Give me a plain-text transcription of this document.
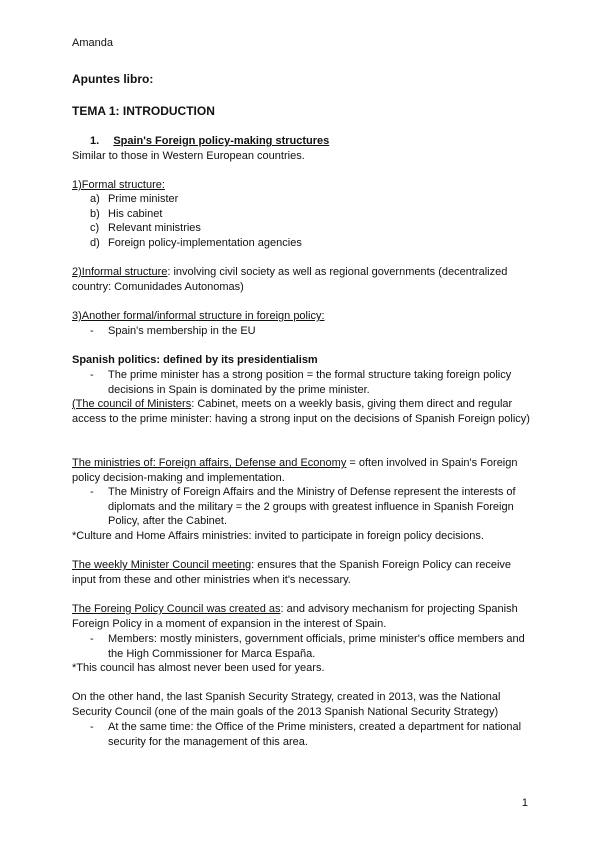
Amanda
Apuntes libro:
TEMA 1: INTRODUCTION
1. Spain's Foreign policy-making structures
Similar to those in Western European countries.
1)Formal structure:
a) Prime minister
b) His cabinet
c) Relevant ministries
d) Foreign policy-implementation agencies
2)Informal structure: involving civil society as well as regional governments (decentralized country: Comunidades Autonomas)
3)Another formal/informal structure in foreign policy:
- Spain's membership in the EU
Spanish politics: defined by its presidentialism
- The prime minister has a strong position = the formal structure taking foreign policy decisions in Spain is dominated by the prime minister.
(The council of Ministers: Cabinet, meets on a weekly basis, giving them direct and regular access to the prime minister: having a strong input on the decisions of Spanish Foreign policy)
The ministries of: Foreign affairs, Defense and Economy = often involved in Spain's Foreign policy decision-making and implementation.
- The Ministry of Foreign Affairs and the Ministry of Defense represent the interests of diplomats and the military = the 2 groups with greatest influence in Spanish Foreign Policy, after the Cabinet.
*Culture and Home Affairs ministries: invited to participate in foreign policy decisions.
The weekly Minister Council meeting: ensures that the Spanish Foreign Policy can receive input from these and other ministries when it's necessary.
The Foreing Policy Council was created as: and advisory mechanism for projecting Spanish Foreign Policy in a moment of expansion in the interest of Spain.
- Members: mostly ministers, government officials, prime minister's office members and the High Commissioner for Marca España.
*This council has almost never been used for years.
On the other hand, the last Spanish Security Strategy, created in 2013, was the National Security Council (one of the main goals of the 2013 Spanish National Security Strategy)
- At the same time: the Office of the Prime ministers, created a department for national security for the management of this area.
1
